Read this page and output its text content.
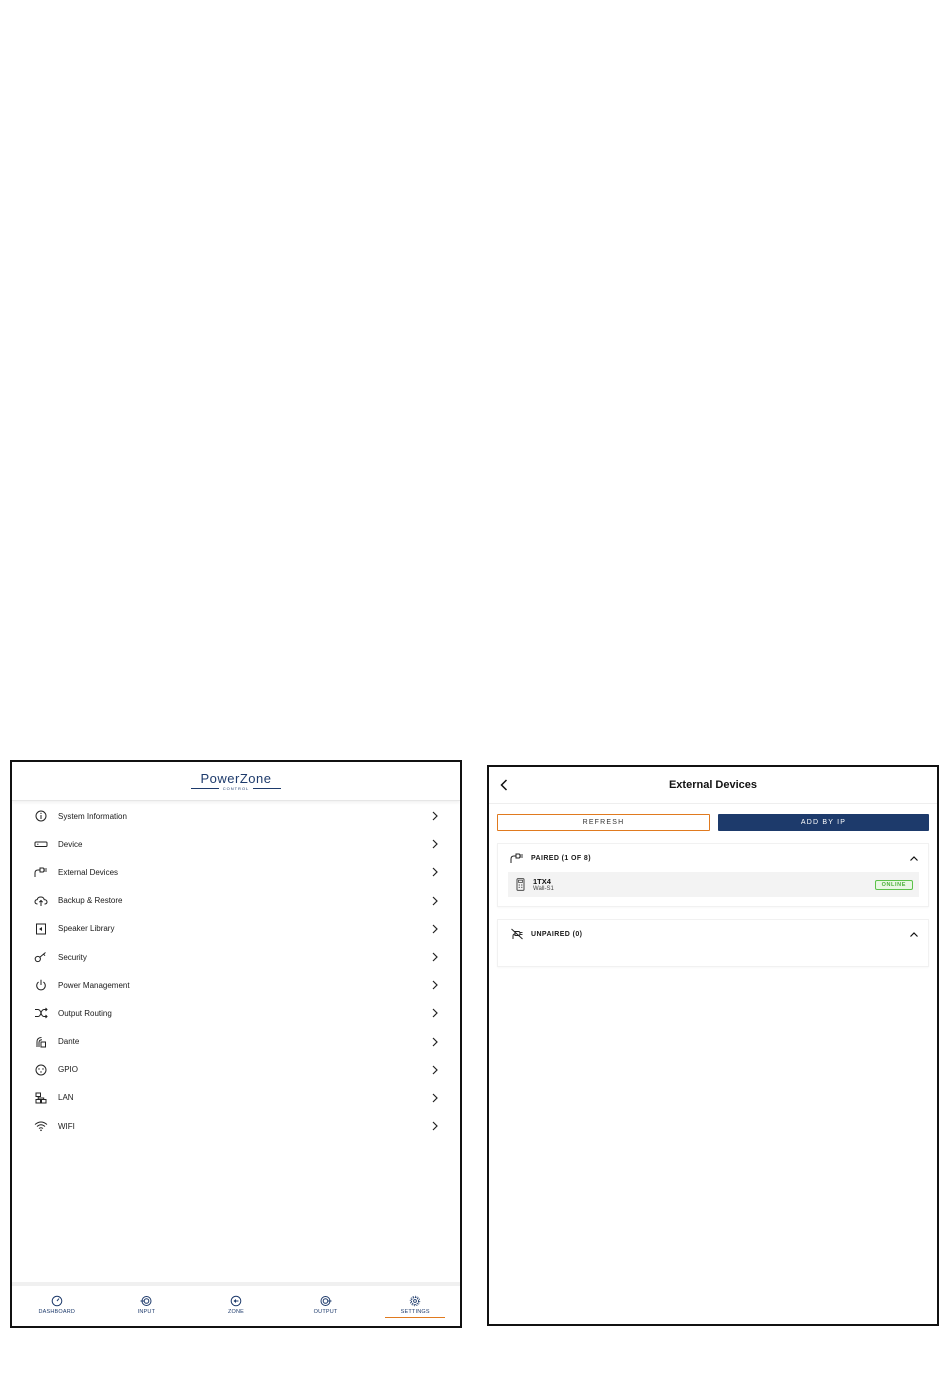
PowerZone
CONTROL
System Information
Device
External Devices
Backup & Restore
Speaker Library
Security
Power Management
Output Routing
Dante
GPIO
LAN
WIFI
DASHBOARD	INPUT	ZONE	OUTPUT	SETTINGS
External Devices
REFRESH	ADD BY IP
PAIRED (1 OF 8)
1TX4
Wall-S1
ONLINE
UNPAIRED (0)
